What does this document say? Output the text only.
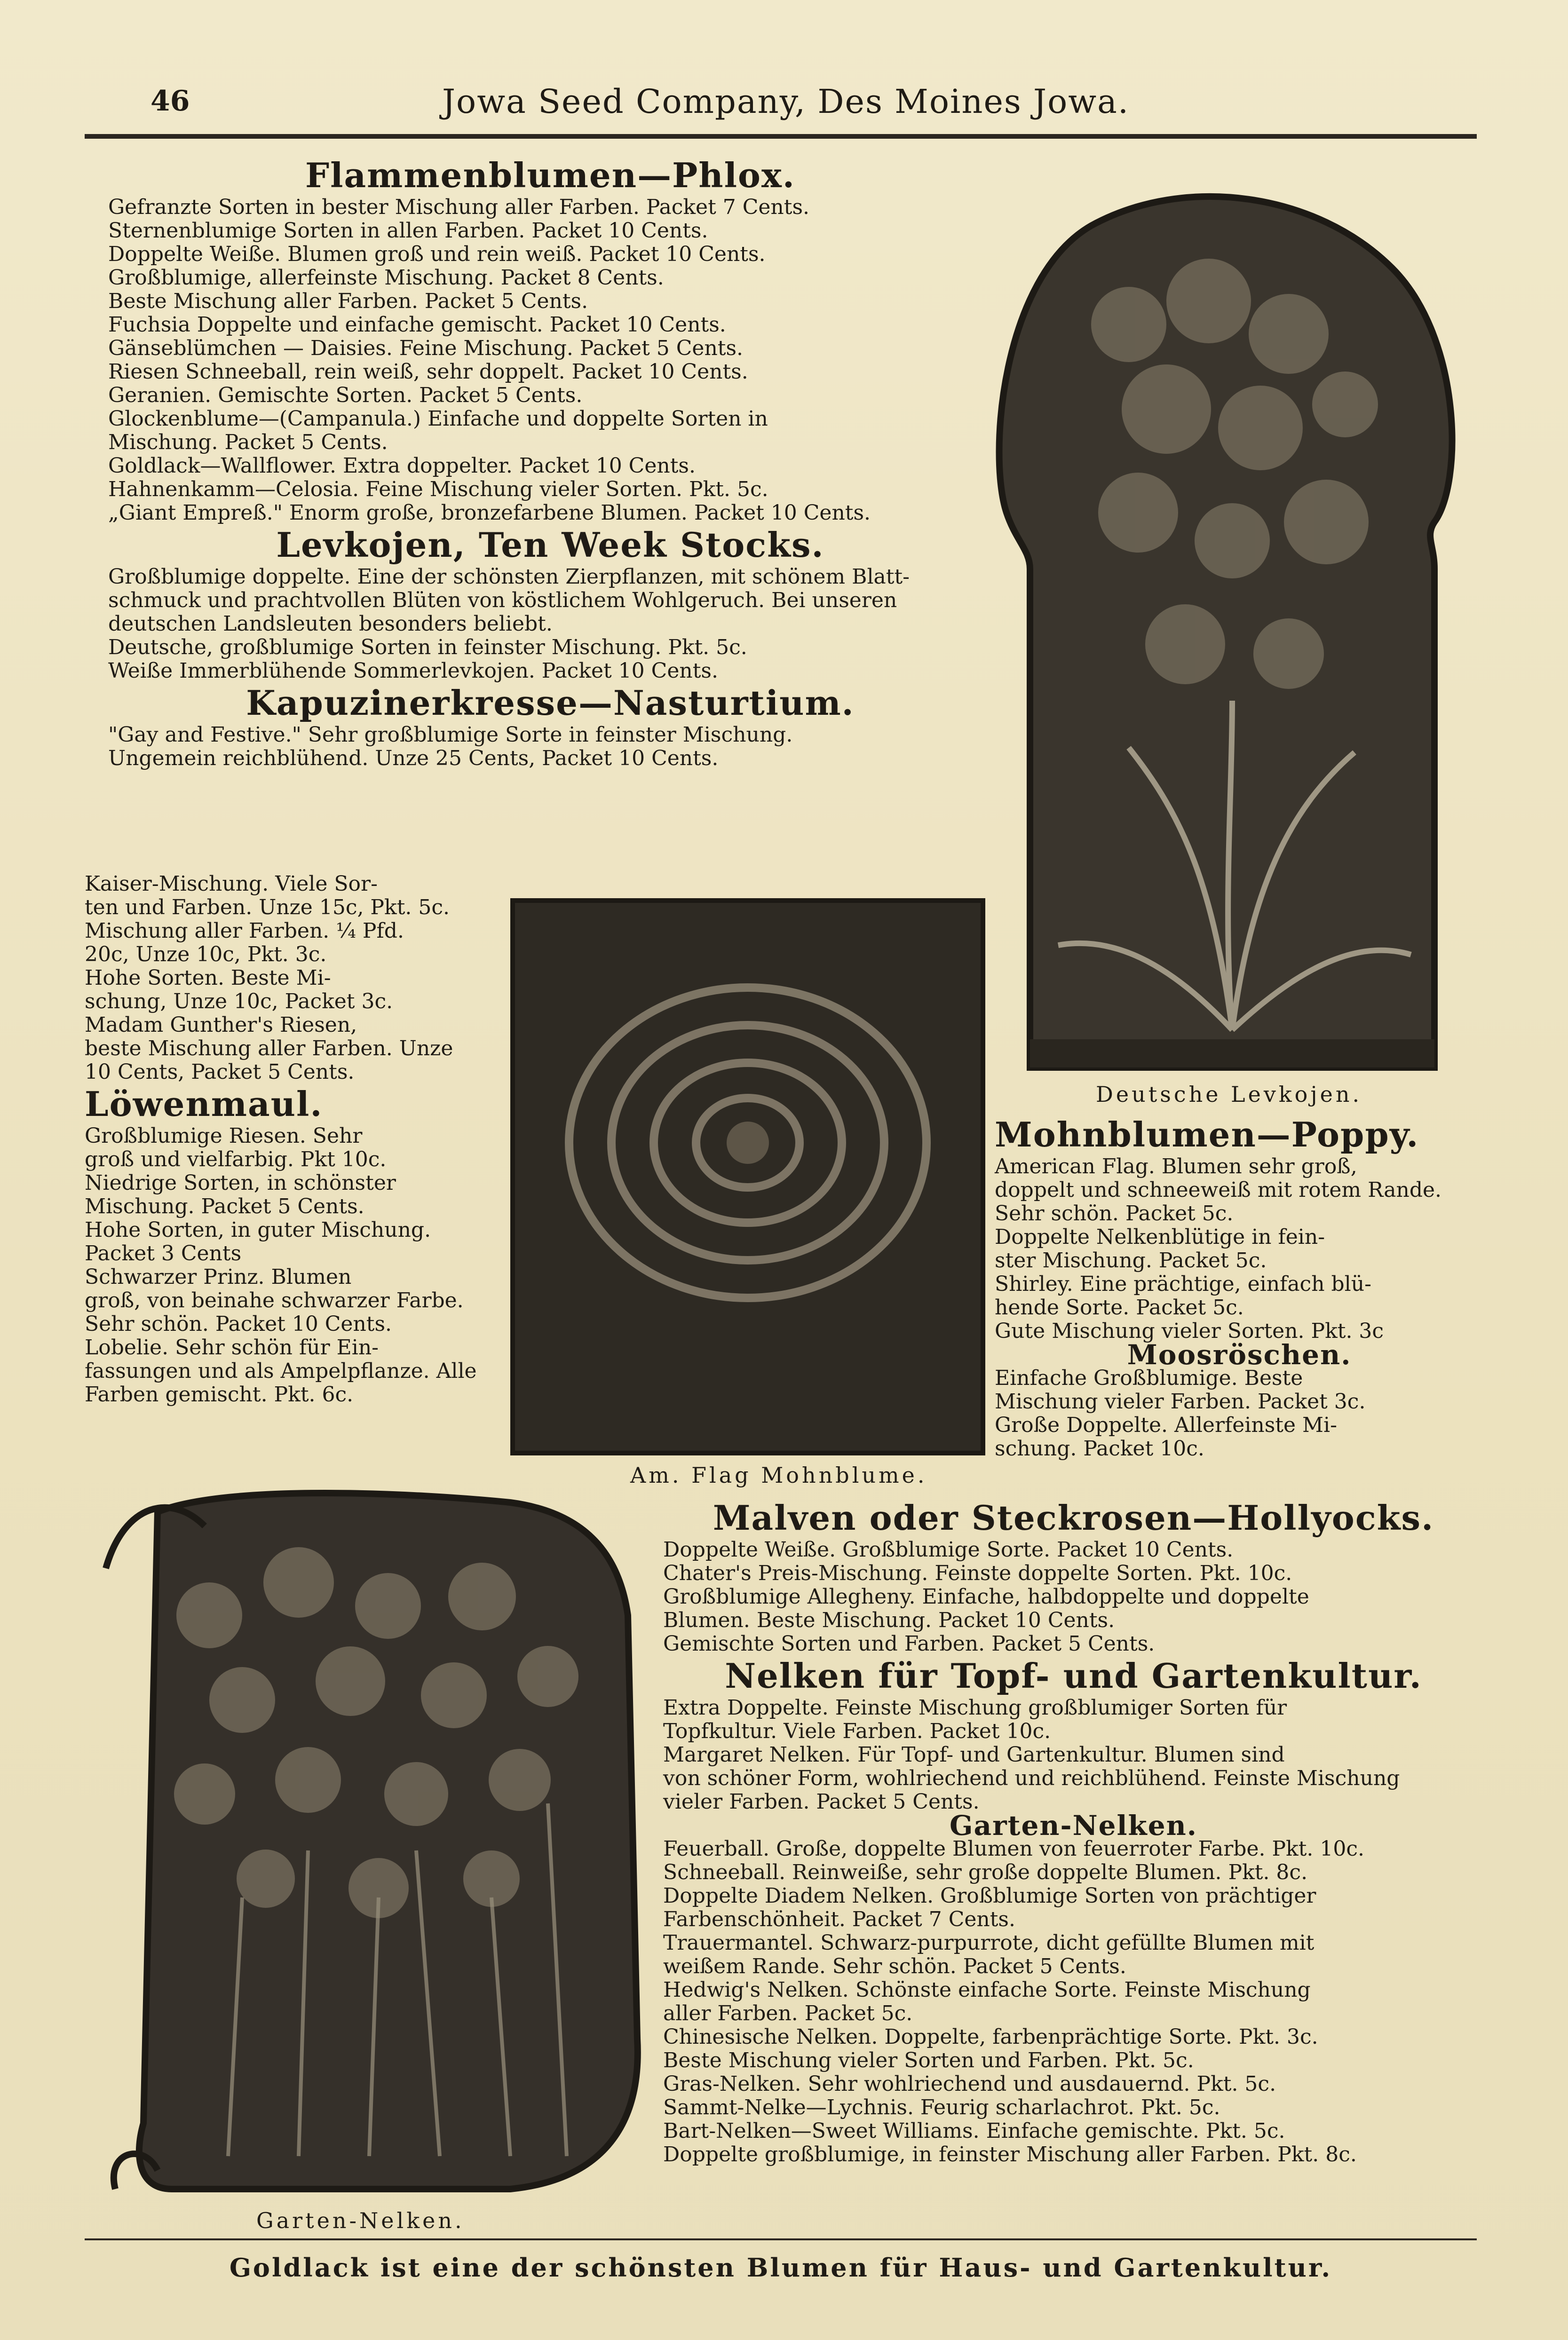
46	Jowa Seed Company, Des Moines Jowa.

Flammenblumen—Phlox.

Gefranzte Sorten in bester Mischung aller Farben. Packet 7 Cents.

Sternenblumige Sorten in allen Farben. Packet 10 Cents.

Doppelte Weiße. Blumen groß und rein weiß. Packet 10 Cents.

Großblumige, allerfeinste Mischung. Packet 8 Cents.

Beste Mischung aller Farben. Packet 5 Cents.

Fuchsia Doppelte und einfache gemischt. Packet 10 Cents.

Gänseblümchen — Daisies. Feine Mischung. Packet 5 Cents.

Riesen Schneeball, rein weiß, sehr doppelt. Packet 10 Cents.

Geranien. Gemischte Sorten. Packet 5 Cents.

Glockenblume—(Campanula.) Einfache und doppelte Sorten in

Mischung. Packet 5 Cents.

Goldlack—Wallflower. Extra doppelter. Packet 10 Cents.

Hahnenkamm—Celosia. Feine Mischung vieler Sorten. Pkt. 5c.

„Giant Empreß." Enorm große, bronzefarbene Blumen. Packet 10 Cents.

Levkojen, Ten Week Stocks.

Großblumige doppelte. Eine der schönsten Zierpflanzen, mit schönem Blatt-

schmuck und prachtvollen Blüten von köstlichem Wohlgeruch. Bei unseren

deutschen Landsleuten besonders beliebt.

Deutsche, großblumige Sorten in feinster Mischung. Pkt. 5c.

Weiße Immerblühende Sommerlevkojen. Packet 10 Cents.

Kapuzinerkresse—Nasturtium.

"Gay and Festive." Sehr großblumige Sorte in feinster Mischung.

Ungemein reichblühend. Unze 25 Cents, Packet 10 Cents.

Kaiser-Mischung. Viele Sor-

ten und Farben. Unze 15c, Pkt. 5c.

Mischung aller Farben. ¼ Pfd.

20c, Unze 10c, Pkt. 3c.

Hohe Sorten. Beste Mi-

schung, Unze 10c, Packet 3c.

Madam Gunther's Riesen,

beste Mischung aller Farben. Unze

10 Cents, Packet 5 Cents.

Löwenmaul.

Großblumige Riesen. Sehr

groß und vielfarbig. Pkt 10c.

Niedrige Sorten, in schönster

Mischung. Packet 5 Cents.

Hohe Sorten, in guter Mischung.

Packet 3 Cents

Schwarzer Prinz. Blumen

groß, von beinahe schwarzer Farbe.

Sehr schön. Packet 10 Cents.

Lobelie. Sehr schön für Ein-

fassungen und als Ampelpflanze. Alle

Farben gemischt. Pkt. 6c.

Mohnblumen—Poppy.

American Flag. Blumen sehr groß,

doppelt und schneeweiß mit rotem Rande.

Sehr schön. Packet 5c.

Doppelte Nelkenblütige in fein-

ster Mischung. Packet 5c.

Shirley. Eine prächtige, einfach blü-

hende Sorte. Packet 5c.

Gute Mischung vieler Sorten. Pkt. 3c

Moosröschen.

Einfache Großblumige. Beste

Mischung vieler Farben. Packet 3c.

Große Doppelte. Allerfeinste Mi-

schung. Packet 10c.

Malven oder Steckrosen—Hollyocks.

Doppelte Weiße. Großblumige Sorte. Packet 10 Cents.

Chater's Preis-Mischung. Feinste doppelte Sorten. Pkt. 10c.

Großblumige Allegheny. Einfache, halbdoppelte und doppelte

Blumen. Beste Mischung. Packet 10 Cents.

Gemischte Sorten und Farben. Packet 5 Cents.

Nelken für Topf- und Gartenkultur.

Extra Doppelte. Feinste Mischung großblumiger Sorten für

Topfkultur. Viele Farben. Packet 10c.

Margaret Nelken. Für Topf- und Gartenkultur. Blumen sind

von schöner Form, wohlriechend und reichblühend. Feinste Mischung

vieler Farben. Packet 5 Cents.

Garten-Nelken.

Feuerball. Große, doppelte Blumen von feuerroter Farbe. Pkt. 10c.

Schneeball. Reinweiße, sehr große doppelte Blumen. Pkt. 8c.

Doppelte Diadem Nelken. Großblumige Sorten von prächtiger

Farbenschönheit. Packet 7 Cents.

Trauermantel. Schwarz-purpurrote, dicht gefüllte Blumen mit

weißem Rande. Sehr schön. Packet 5 Cents.

Hedwig's Nelken. Schönste einfache Sorte. Feinste Mischung

aller Farben. Packet 5c.

Chinesische Nelken. Doppelte, farbenprächtige Sorte. Pkt. 3c.

Beste Mischung vieler Sorten und Farben. Pkt. 5c.

Gras-Nelken. Sehr wohlriechend und ausdauernd. Pkt. 5c.

Sammt-Nelke—Lychnis. Feurig scharlachrot. Pkt. 5c.

Bart-Nelken—Sweet Williams. Einfache gemischte. Pkt. 5c.

Doppelte großblumige, in feinster Mischung aller Farben. Pkt. 8c.

Deutsche Levkojen.
Am. Flag Mohnblume.
Garten-Nelken.
Goldlack ist eine der schönsten Blumen für Haus- und Gartenkultur.
